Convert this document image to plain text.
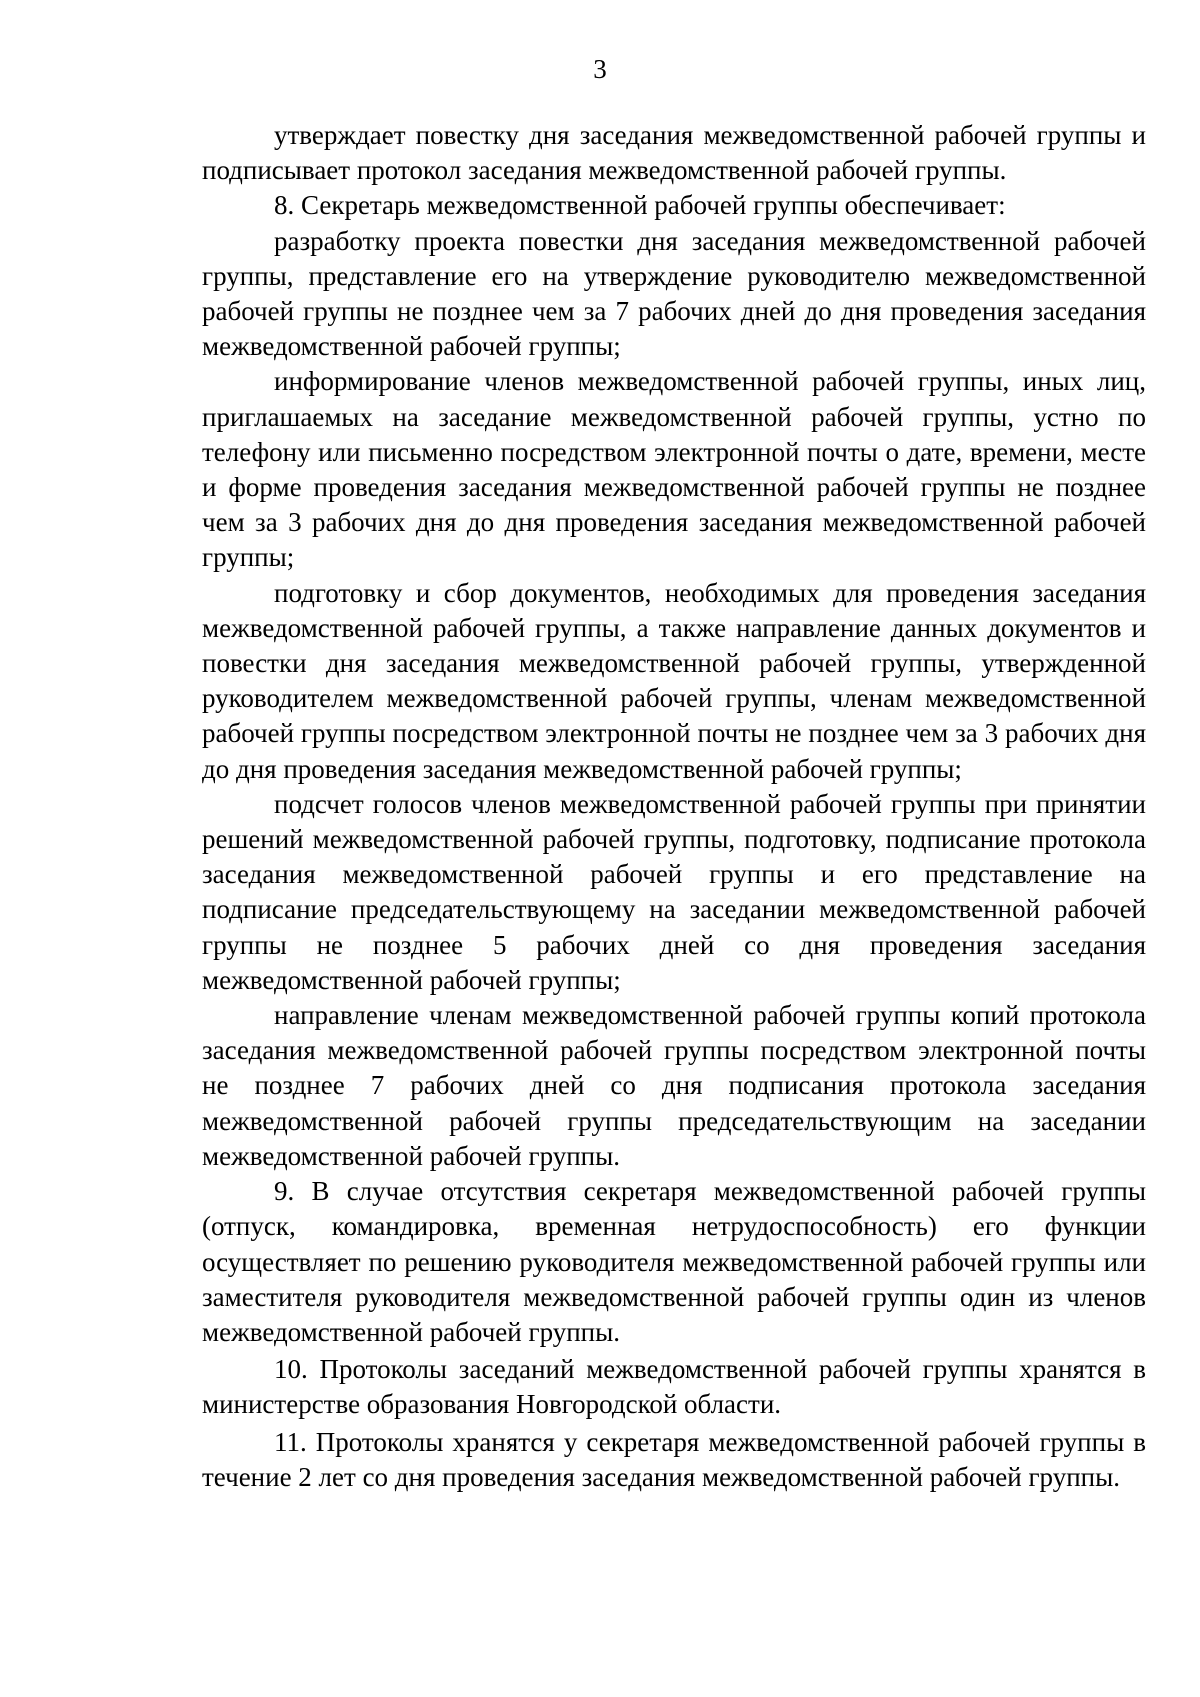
3

утверждает повестку дня заседания межведомственной рабочей группы и подписывает протокол заседания межведомственной рабочей группы.

8. Секретарь межведомственной рабочей группы обеспечивает:

разработку проекта повестки дня заседания межведомственной рабочей группы, представление его на утверждение руководителю межведомственной рабочей группы не позднее чем за 7 рабочих дней до дня проведения заседания межведомственной рабочей группы;

информирование членов межведомственной рабочей группы, иных лиц, приглашаемых на заседание межведомственной рабочей группы, устно по телефону или письменно посредством электронной почты о дате, времени, месте и форме проведения заседания межведомственной рабочей группы не позднее чем за 3 рабочих дня до дня проведения заседания межведомственной рабочей группы;

подготовку и сбор документов, необходимых для проведения заседания межведомственной рабочей группы, а также направление данных документов и повестки дня заседания межведомственной рабочей группы, утвержденной руководителем межведомственной рабочей группы, членам межведомственной рабочей группы посредством электронной почты не позднее чем за 3 рабочих дня до дня проведения заседания межведомственной рабочей группы;

подсчет голосов членов межведомственной рабочей группы при принятии решений межведомственной рабочей группы, подготовку, подписание протокола заседания межведомственной рабочей группы и его представление на подписание председательствующему на заседании межведомственной рабочей группы не позднее 5 рабочих дней со дня проведения заседания межведомственной рабочей группы;

направление членам межведомственной рабочей группы копий протокола заседания межведомственной рабочей группы посредством электронной почты не позднее 7 рабочих дней со дня подписания протокола заседания межведомственной рабочей группы председательствующим на заседании межведомственной рабочей группы.

9. В случае отсутствия секретаря межведомственной рабочей группы (отпуск, командировка, временная нетрудоспособность) его функции осуществляет по решению руководителя межведомственной рабочей группы или заместителя руководителя межведомственной рабочей группы один из членов межведомственной рабочей группы.

10. Протоколы заседаний межведомственной рабочей группы хранятся в министерстве образования Новгородской области.

11. Протоколы хранятся у секретаря межведомственной рабочей группы в течение 2 лет со дня проведения заседания межведомственной рабочей группы.
